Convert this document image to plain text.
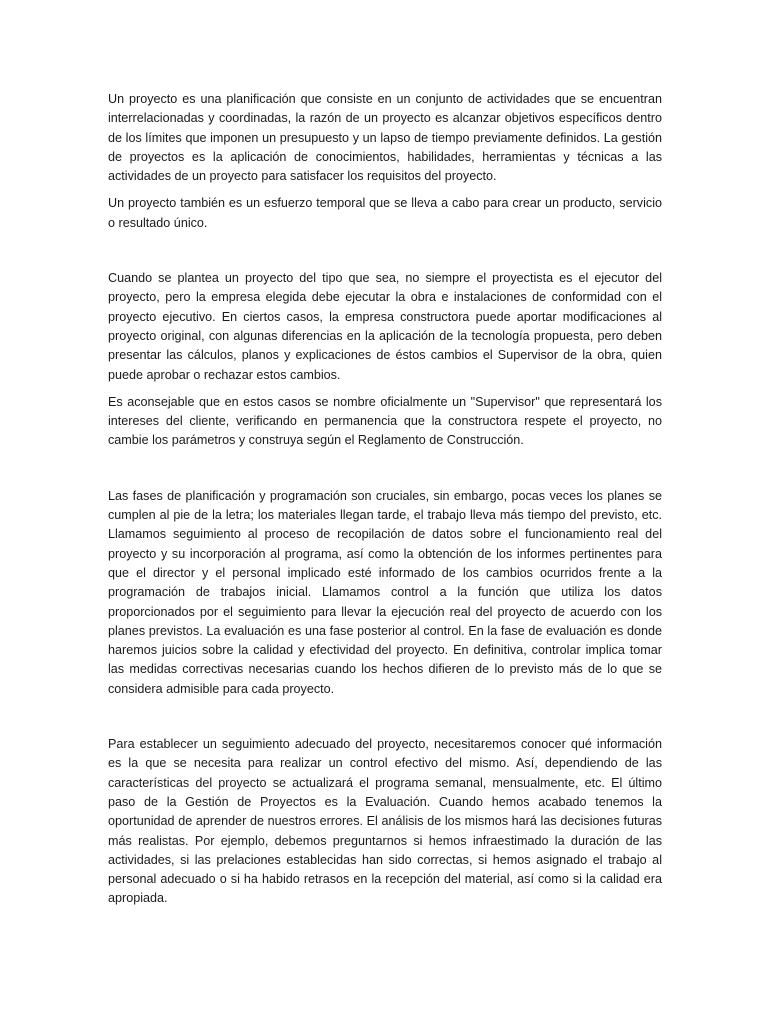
Un proyecto es una planificación que consiste en un conjunto de actividades que se encuentran interrelacionadas y coordinadas, la razón de un proyecto es alcanzar objetivos específicos dentro de los límites que imponen un presupuesto y un lapso de tiempo previamente definidos. La gestión de proyectos es la aplicación de conocimientos, habilidades, herramientas y técnicas a las actividades de un proyecto para satisfacer los requisitos del proyecto.

Un proyecto también es un esfuerzo temporal que se lleva a cabo para crear un producto, servicio o resultado único.

Cuando se plantea un proyecto del tipo que sea, no siempre el proyectista es el ejecutor del proyecto, pero la empresa elegida debe ejecutar la obra e instalaciones de conformidad con el proyecto ejecutivo. En ciertos casos, la empresa constructora puede aportar modificaciones al proyecto original, con algunas diferencias en la aplicación de la tecnología propuesta, pero deben presentar las cálculos, planos y explicaciones de éstos cambios el Supervisor de la obra, quien puede aprobar o rechazar estos cambios.

Es aconsejable que en estos casos se nombre oficialmente un "Supervisor" que representará los intereses del cliente, verificando en permanencia que la constructora respete el proyecto, no cambie los parámetros y construya según el Reglamento de Construcción.

Las fases de planificación y programación son cruciales, sin embargo, pocas veces los planes se cumplen al pie de la letra; los materiales llegan tarde, el trabajo lleva más tiempo del previsto, etc. Llamamos seguimiento al proceso de recopilación de datos sobre el funcionamiento real del proyecto y su incorporación al programa, así como la obtención de los informes pertinentes para que el director y el personal implicado esté informado de los cambios ocurridos frente a la programación de trabajos inicial. Llamamos control a la función que utiliza los datos proporcionados por el seguimiento para llevar la ejecución real del proyecto de acuerdo con los planes previstos. La evaluación es una fase posterior al control. En la fase de evaluación es donde haremos juicios sobre la calidad y efectividad del proyecto. En definitiva, controlar implica tomar las medidas correctivas necesarias cuando los hechos difieren de lo previsto más de lo que se considera admisible para cada proyecto.

Para establecer un seguimiento adecuado del proyecto, necesitaremos conocer qué información es la que se necesita para realizar un control efectivo del mismo. Así, dependiendo de las características del proyecto se actualizará el programa semanal, mensualmente, etc. El último paso de la Gestión de Proyectos es la Evaluación. Cuando hemos acabado tenemos la oportunidad de aprender de nuestros errores. El análisis de los mismos hará las decisiones futuras más realistas. Por ejemplo, debemos preguntarnos si hemos infraestimado la duración de las actividades, si las prelaciones establecidas han sido correctas, si hemos asignado el trabajo al personal adecuado o si ha habido retrasos en la recepción del material, así como si la calidad era apropiada.
